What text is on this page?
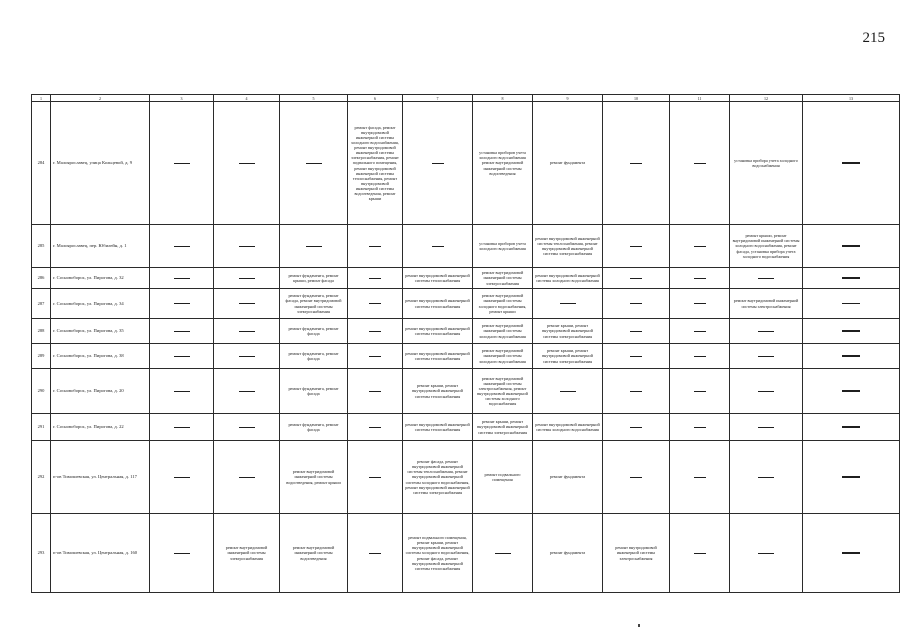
215
1	2	3	4	5	6	7	8	9	10	11	12	13
284	г. Малоярославец, улица Кольцевой, д. 9				ремонт фасада, ремонт внутридомовой инженерной системы холодного водоснабжения, ремонт внутридомовой инженерной системы электроснабжения, ремонт подвального помещения, ремонт внутридомовой инженерной системы теплоснабжения, ремонт внутридомовой инженерной системы водоотведения, ремонт крыши		установка приборов учета холодного водоснабжения ремонт внутридомовой инженерной системы водоотведения	ремонт фундамента			установка прибора учета холодного водоснабжения	

285	г. Малоярославец, пер. Юбилейн, д. 1						установка приборов учета холодного водоснабжения	ремонт внутридомовой инженерной системы теплоснабжения, ремонт внутридомовой инженерной системы электроснабжения			ремонт крыши, ремонт внутридомовой инженерной системы холодного водоснабжения, ремонт фасада, установка прибора учета холодного водоснабжения	

286	г. Сосновоборск, ул. Пирогова, д. 32			ремонт фундамента, ремонт крыши, ремонт фасада		ремонт внутридомовой инженерной системы теплоснабжения	ремонт внутридомовой инженерной системы электроснабжения	ремонт внутридомовой инженерной системы холодного водоснабжения	

287	г. Сосновоборск, ул. Пирогова, д. 34			ремонт фундамента, ремонт фасада, ремонт внутридомовой инженерной системы электроснабжения		ремонт внутридомовой инженерной системы теплоснабжения	ремонт внутридомовой инженерной системы холодного водоснабжения, ремонт крыши				ремонт внутридомовой инженерной системы электроснабжения	

288	г. Сосновоборск, ул. Пирогова, д. 35			ремонт фундамента, ремонт фасада		ремонт внутридомовой инженерной системы теплоснабжения	ремонт внутридомовой инженерной системы холодного водоснабжения	ремонт крыши, ремонт внутридомовой инженерной системы электроснабжения	

289	г. Сосновоборск, ул. Пирогова, д. 38			ремонт фундамента, ремонт фасада		ремонт внутридомовой инженерной системы теплоснабжения	ремонт внутридомовой инженерной системы холодного водоснабжения	ремонт крыши, ремонт внутридомовой инженерной системы электроснабжения	

290	г. Сосновоборск, ул. Пирогова, д. 20			ремонт фундамента, ремонт фасада		ремонт крыши, ремонт внутридомовой инженерной системы теплоснабжения	ремонт внутридомовой инженерной системы электроснабжения, ремонт внутридомовой инженерной системы холодного водоснабжения	

291	г. Сосновоборск, ул. Пирогова, д. 22			ремонт фундамента, ремонт фасада		ремонт внутридомовой инженерной системы теплоснабжения	ремонт крыши, ремонт внутридомовой инженерной системы электроснабжения	ремонт внутридомовой инженерной системы холодного водоснабжения	

292	п-ов Тимошевская, ул. Центральная, д. 117			ремонт внутридомовой инженерной системы водоотведения, ремонт крыши		ремонт фасада, ремонт внутридомовой инженерной системы теплоснабжения, ремонт внутридомовой инженерной системы холодного водоснабжения, ремонт внутридомовой инженерной системы электроснабжения	ремонт подвального помещения	ремонт фундамента	

293	п-ов Тимошевская, ул. Центральная, д. 160		ремонт внутридомовой инженерной системы электроснабжения	ремонт внутридомовой инженерной системы водоотведения		ремонт подвального помещения, ремонт крыши, ремонт внутридомовой инженерной системы холодного водоснабжения, ремонт фасада, ремонт внутридомовой инженерной системы теплоснабжения		ремонт фундамента	ремонт внутридомовой инженерной системы электроснабжения	
